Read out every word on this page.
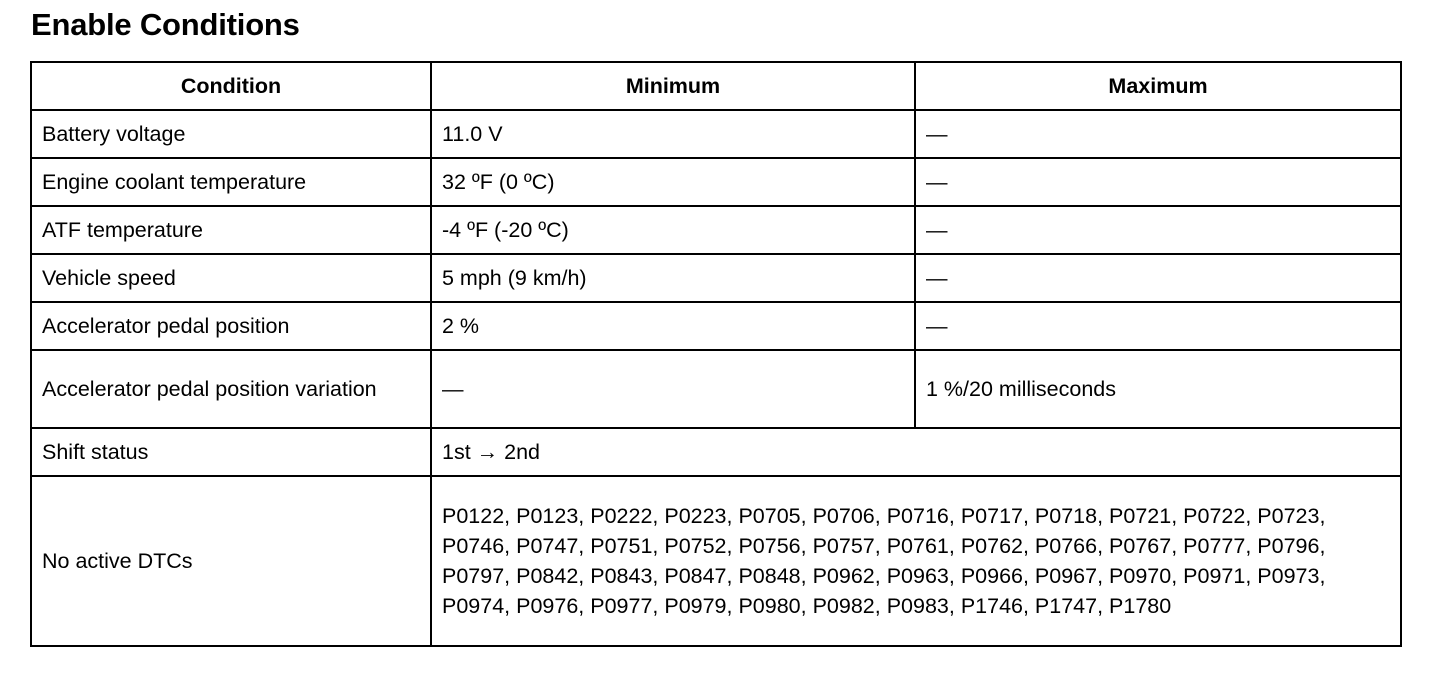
Enable Conditions
Condition	Minimum	Maximum
Battery voltage	11.0 V	—
Engine coolant temperature	32 ºF (0 ºC)	—
ATF temperature	-4 ºF (-20 ºC)	—
Vehicle speed	5 mph (9 km/h)	—
Accelerator pedal position	2 %	—
Accelerator pedal position variation	—	1 %/20 milliseconds
Shift status	1st → 2nd	
No active DTCs	P0122, P0123, P0222, P0223, P0705, P0706, P0716, P0717, P0718, P0721, P0722, P0723, P0746, P0747, P0751, P0752, P0756, P0757, P0761, P0762, P0766, P0767, P0777, P0796, P0797, P0842, P0843, P0847, P0848, P0962, P0963, P0966, P0967, P0970, P0971, P0973, P0974, P0976, P0977, P0979, P0980, P0982, P0983, P1746, P1747, P1780	
